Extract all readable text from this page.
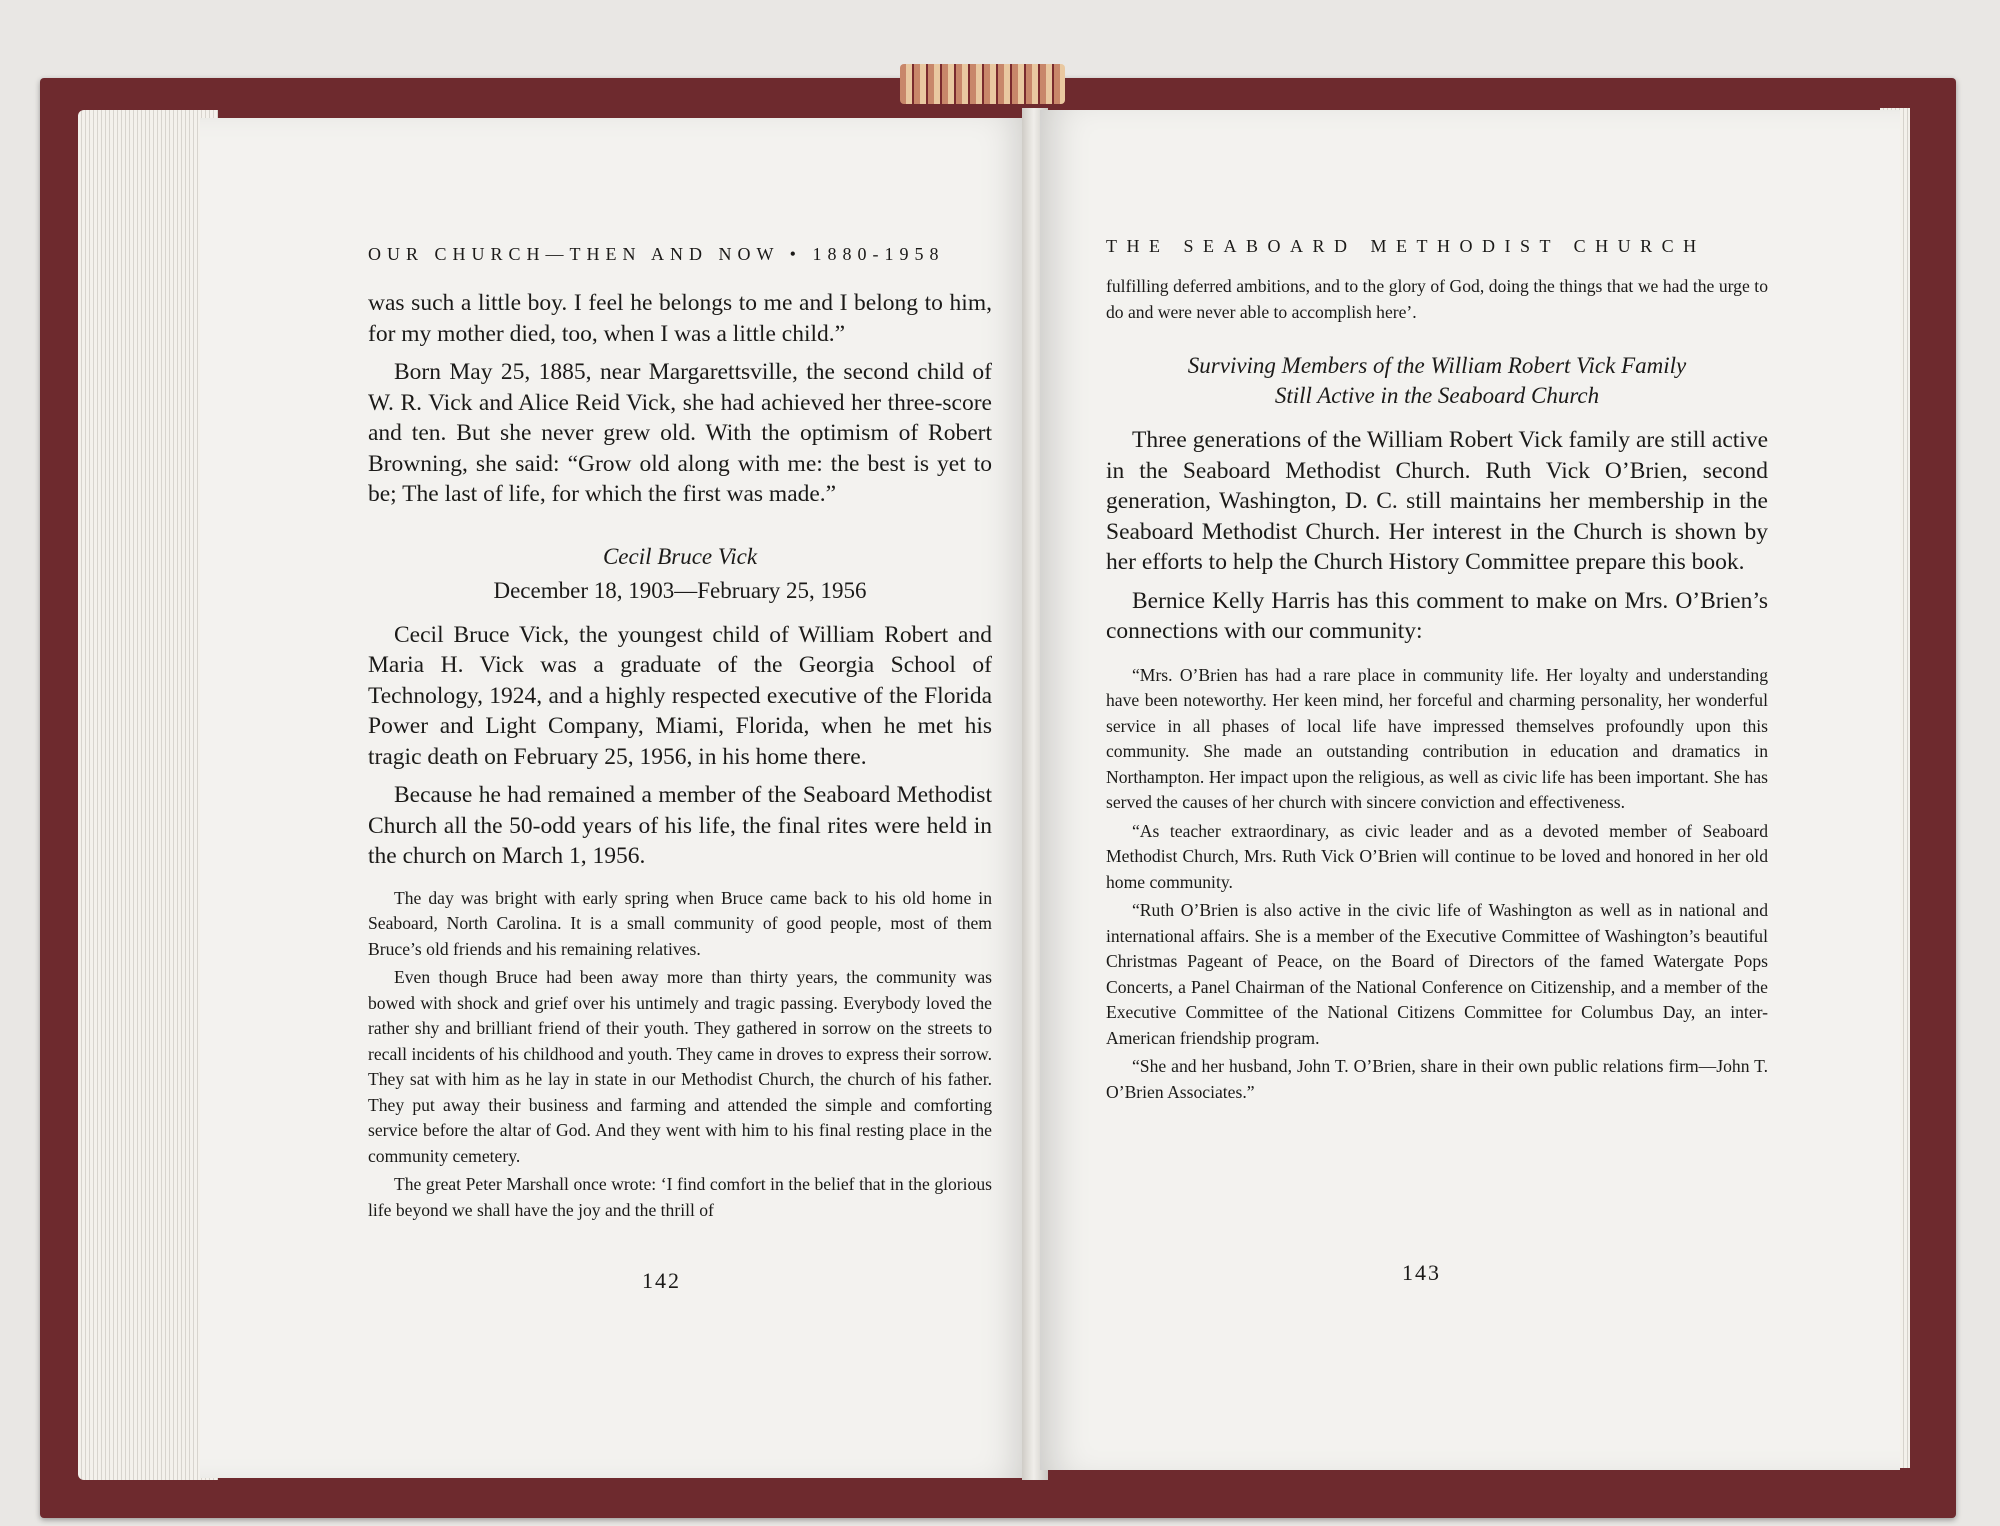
OUR CHURCH—THEN AND NOW • 1880-1958

was such a little boy. I feel he belongs to me and I belong to him, for my mother died, too, when I was a little child.”

Born May 25, 1885, near Margarettsville, the second child of W. R. Vick and Alice Reid Vick, she had achieved her three-score and ten. But she never grew old. With the optimism of Robert Browning, she said: “Grow old along with me: the best is yet to be; The last of life, for which the first was made.”

Cecil Bruce Vick

December 18, 1903—February 25, 1956

Cecil Bruce Vick, the youngest child of William Robert and Maria H. Vick was a graduate of the Georgia School of Technology, 1924, and a highly respected executive of the Florida Power and Light Company, Miami, Florida, when he met his tragic death on February 25, 1956, in his home there.

Because he had remained a member of the Seaboard Methodist Church all the 50-odd years of his life, the final rites were held in the church on March 1, 1956.

The day was bright with early spring when Bruce came back to his old home in Seaboard, North Carolina. It is a small community of good people, most of them Bruce’s old friends and his remaining relatives.

Even though Bruce had been away more than thirty years, the community was bowed with shock and grief over his untimely and tragic passing. Everybody loved the rather shy and brilliant friend of their youth. They gathered in sorrow on the streets to recall incidents of his childhood and youth. They came in droves to express their sorrow. They sat with him as he lay in state in our Methodist Church, the church of his father. They put away their business and farming and attended the simple and comforting service before the altar of God. And they went with him to his final resting place in the community cemetery.

The great Peter Marshall once wrote: ‘I find comfort in the belief that in the glorious life beyond we shall have the joy and the thrill of

142
THE SEABOARD METHODIST CHURCH

fulfilling deferred ambitions, and to the glory of God, doing the things that we had the urge to do and were never able to accomplish here’.

Surviving Members of the William Robert Vick Family

Still Active in the Seaboard Church

Three generations of the William Robert Vick family are still active in the Seaboard Methodist Church. Ruth Vick O’Brien, second generation, Washington, D. C. still maintains her membership in the Seaboard Methodist Church. Her interest in the Church is shown by her efforts to help the Church History Committee prepare this book.

Bernice Kelly Harris has this comment to make on Mrs. O’Brien’s connections with our community:

“Mrs. O’Brien has had a rare place in community life. Her loyalty and understanding have been noteworthy. Her keen mind, her forceful and charming personality, her wonderful service in all phases of local life have impressed themselves profoundly upon this community. She made an outstanding contribution in education and dramatics in Northampton. Her impact upon the religious, as well as civic life has been important. She has served the causes of her church with sincere conviction and effectiveness.

“As teacher extraordinary, as civic leader and as a devoted member of Seaboard Methodist Church, Mrs. Ruth Vick O’Brien will continue to be loved and honored in her old home community.

“Ruth O’Brien is also active in the civic life of Washington as well as in national and international affairs. She is a member of the Executive Committee of Washington’s beautiful Christmas Pageant of Peace, on the Board of Directors of the famed Watergate Pops Concerts, a Panel Chairman of the National Conference on Citizenship, and a member of the Executive Committee of the National Citizens Committee for Columbus Day, an inter-American friendship program.

“She and her husband, John T. O’Brien, share in their own public relations firm—John T. O’Brien Associates.”

143
